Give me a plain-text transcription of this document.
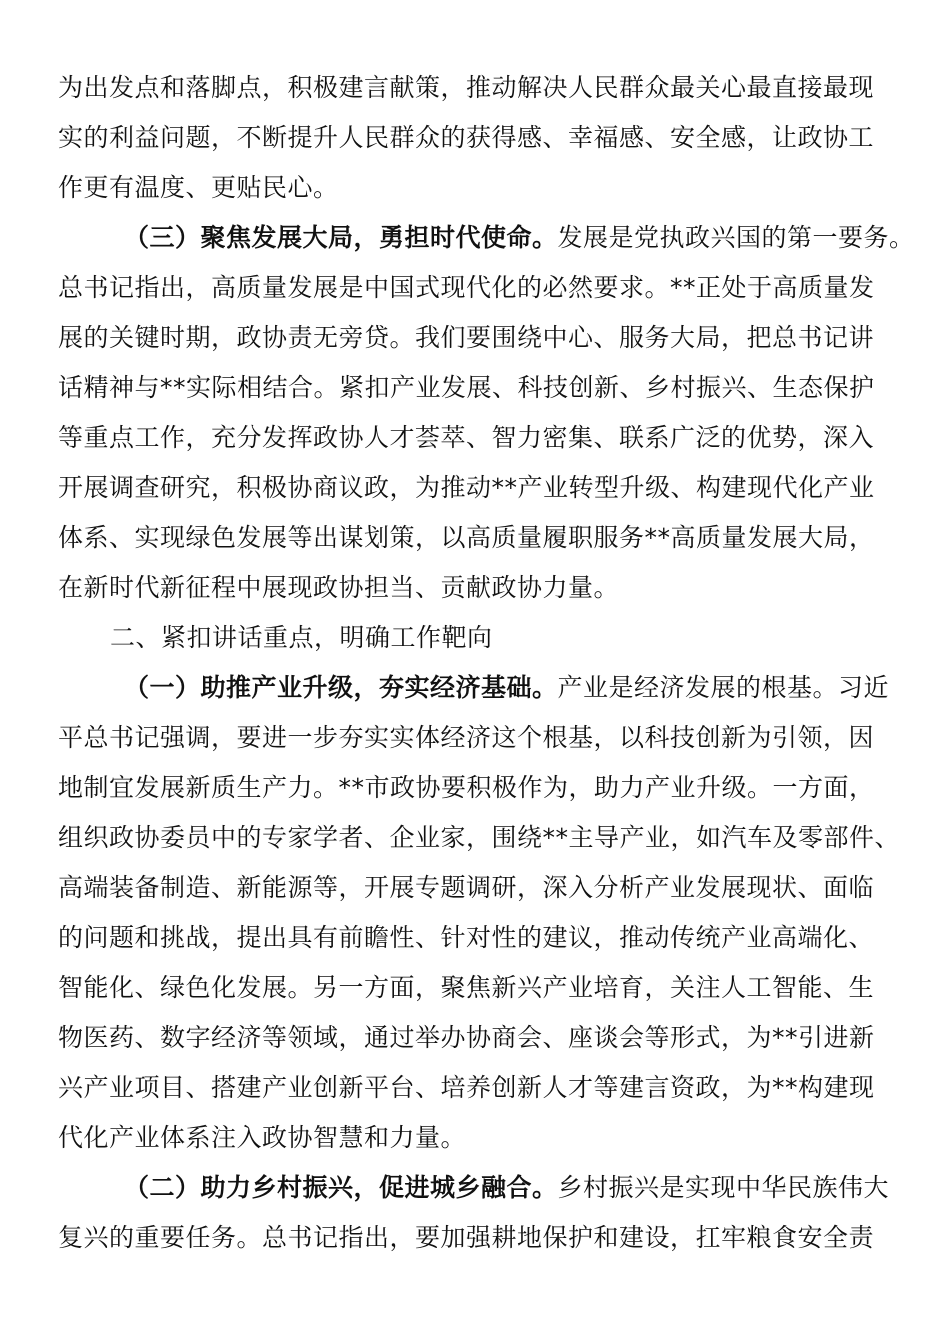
为出发点和落脚点，积极建言献策，推动解决人民群众最关心最直接最现
实的利益问题，不断提升人民群众的获得感、幸福感、安全感，让政协工
作更有温度、更贴民心。
（三）聚焦发展大局，勇担时代使命。发展是党执政兴国的第一要务。
总书记指出，高质量发展是中国式现代化的必然要求。**正处于高质量发
展的关键时期，政协责无旁贷。我们要围绕中心、服务大局，把总书记讲
话精神与**实际相结合。紧扣产业发展、科技创新、乡村振兴、生态保护
等重点工作，充分发挥政协人才荟萃、智力密集、联系广泛的优势，深入
开展调查研究，积极协商议政，为推动**产业转型升级、构建现代化产业
体系、实现绿色发展等出谋划策，以高质量履职服务**高质量发展大局，
在新时代新征程中展现政协担当、贡献政协力量。
二、紧扣讲话重点，明确工作靶向
（一）助推产业升级，夯实经济基础。产业是经济发展的根基。习近
平总书记强调，要进一步夯实实体经济这个根基，以科技创新为引领，因
地制宜发展新质生产力。**市政协要积极作为，助力产业升级。一方面，
组织政协委员中的专家学者、企业家，围绕**主导产业，如汽车及零部件、
高端装备制造、新能源等，开展专题调研，深入分析产业发展现状、面临
的问题和挑战，提出具有前瞻性、针对性的建议，推动传统产业高端化、
智能化、绿色化发展。另一方面，聚焦新兴产业培育，关注人工智能、生
物医药、数字经济等领域，通过举办协商会、座谈会等形式，为**引进新
兴产业项目、搭建产业创新平台、培养创新人才等建言资政，为**构建现
代化产业体系注入政协智慧和力量。
（二）助力乡村振兴，促进城乡融合。乡村振兴是实现中华民族伟大
复兴的重要任务。总书记指出，要加强耕地保护和建设，扛牢粮食安全责
